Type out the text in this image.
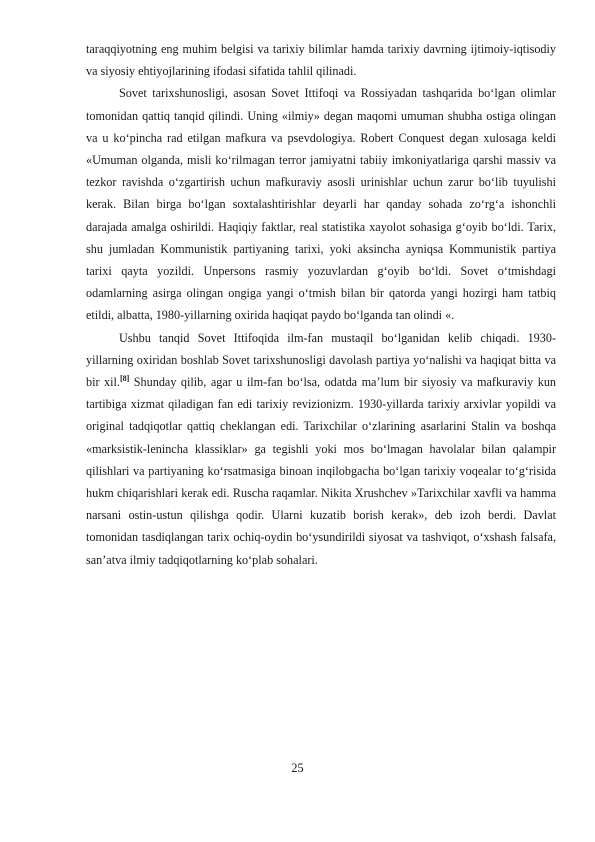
taraqqiyotning eng muhim belgisi va tarixiy bilimlar hamda tarixiy davrning ijtimoiy-iqtisodiy va siyosiy ehtiyojlarining ifodasi sifatida tahlil qilinadi.

Sovet tarixshunosligi, asosan Sovet Ittifoqi va Rossiyadan tashqarida bo‘lgan olimlar tomonidan qattiq tanqid qilindi. Uning «ilmiy» degan maqomi umuman shubha ostiga olingan va u ko‘pincha rad etilgan mafkura va psevdologiya. Robert Conquest degan xulosaga keldi «Umuman olganda, misli ko‘rilmagan terror jamiyatni tabiiy imkoniyatlariga qarshi massiv va tezkor ravishda o‘zgartirish uchun mafkuraviy asosli urinishlar uchun zarur bo‘lib tuyulishi kerak. Bilan birga bo‘lgan soxtalashtirishlar deyarli har qanday sohada zo‘rg‘a ishonchli darajada amalga oshirildi. Haqiqiy faktlar, real statistika xayolot sohasiga g‘oyib bo‘ldi. Tarix, shu jumladan Kommunistik partiyaning tarixi, yoki aksincha ayniqsa Kommunistik partiya tarixi qayta yozildi. Unpersons rasmiy yozuvlardan g‘oyib bo‘ldi. Sovet o‘tmishdagi odamlarning asirga olingan ongiga yangi o‘tmish bilan bir qatorda yangi hozirgi ham tatbiq etildi, albatta, 1980-yillarning oxirida haqiqat paydo bo‘lganda tan olindi «.

Ushbu tanqid Sovet Ittifoqida ilm-fan mustaqil bo‘lganidan kelib chiqadi. 1930-yillarning oxiridan boshlab Sovet tarixshunosligi davolash partiya yo‘nalishi va haqiqat bitta va bir xil.[8] Shunday qilib, agar u ilm-fan bo‘lsa, odatda ma’lum bir siyosiy va mafkuraviy kun tartibiga xizmat qiladigan fan edi tarixiy revizionizm. 1930-yillarda tarixiy arxivlar yopildi va original tadqiqotlar qattiq cheklangan edi. Tarixchilar o‘zlarining asarlarini Stalin va boshqa «marksistik-lenincha klassiklar» ga tegishli yoki mos bo‘lmagan havolalar bilan qalampir qilishlari va partiyaning ko‘rsatmasiga binoan inqilobgacha bo‘lgan tarixiy voqealar to‘g‘risida hukm chiqarishlari kerak edi. Ruscha raqamlar. Nikita Xrushchev »Tarixchilar xavfli va hamma narsani ostin-ustun qilishga qodir. Ularni kuzatib borish kerak», deb izoh berdi. Davlat tomonidan tasdiqlangan tarix ochiq-oydin bo‘ysundirildi siyosat va tashviqot, o‘xshash falsafa, san’atva ilmiy tadqiqotlarning ko‘plab sohalari.

25
